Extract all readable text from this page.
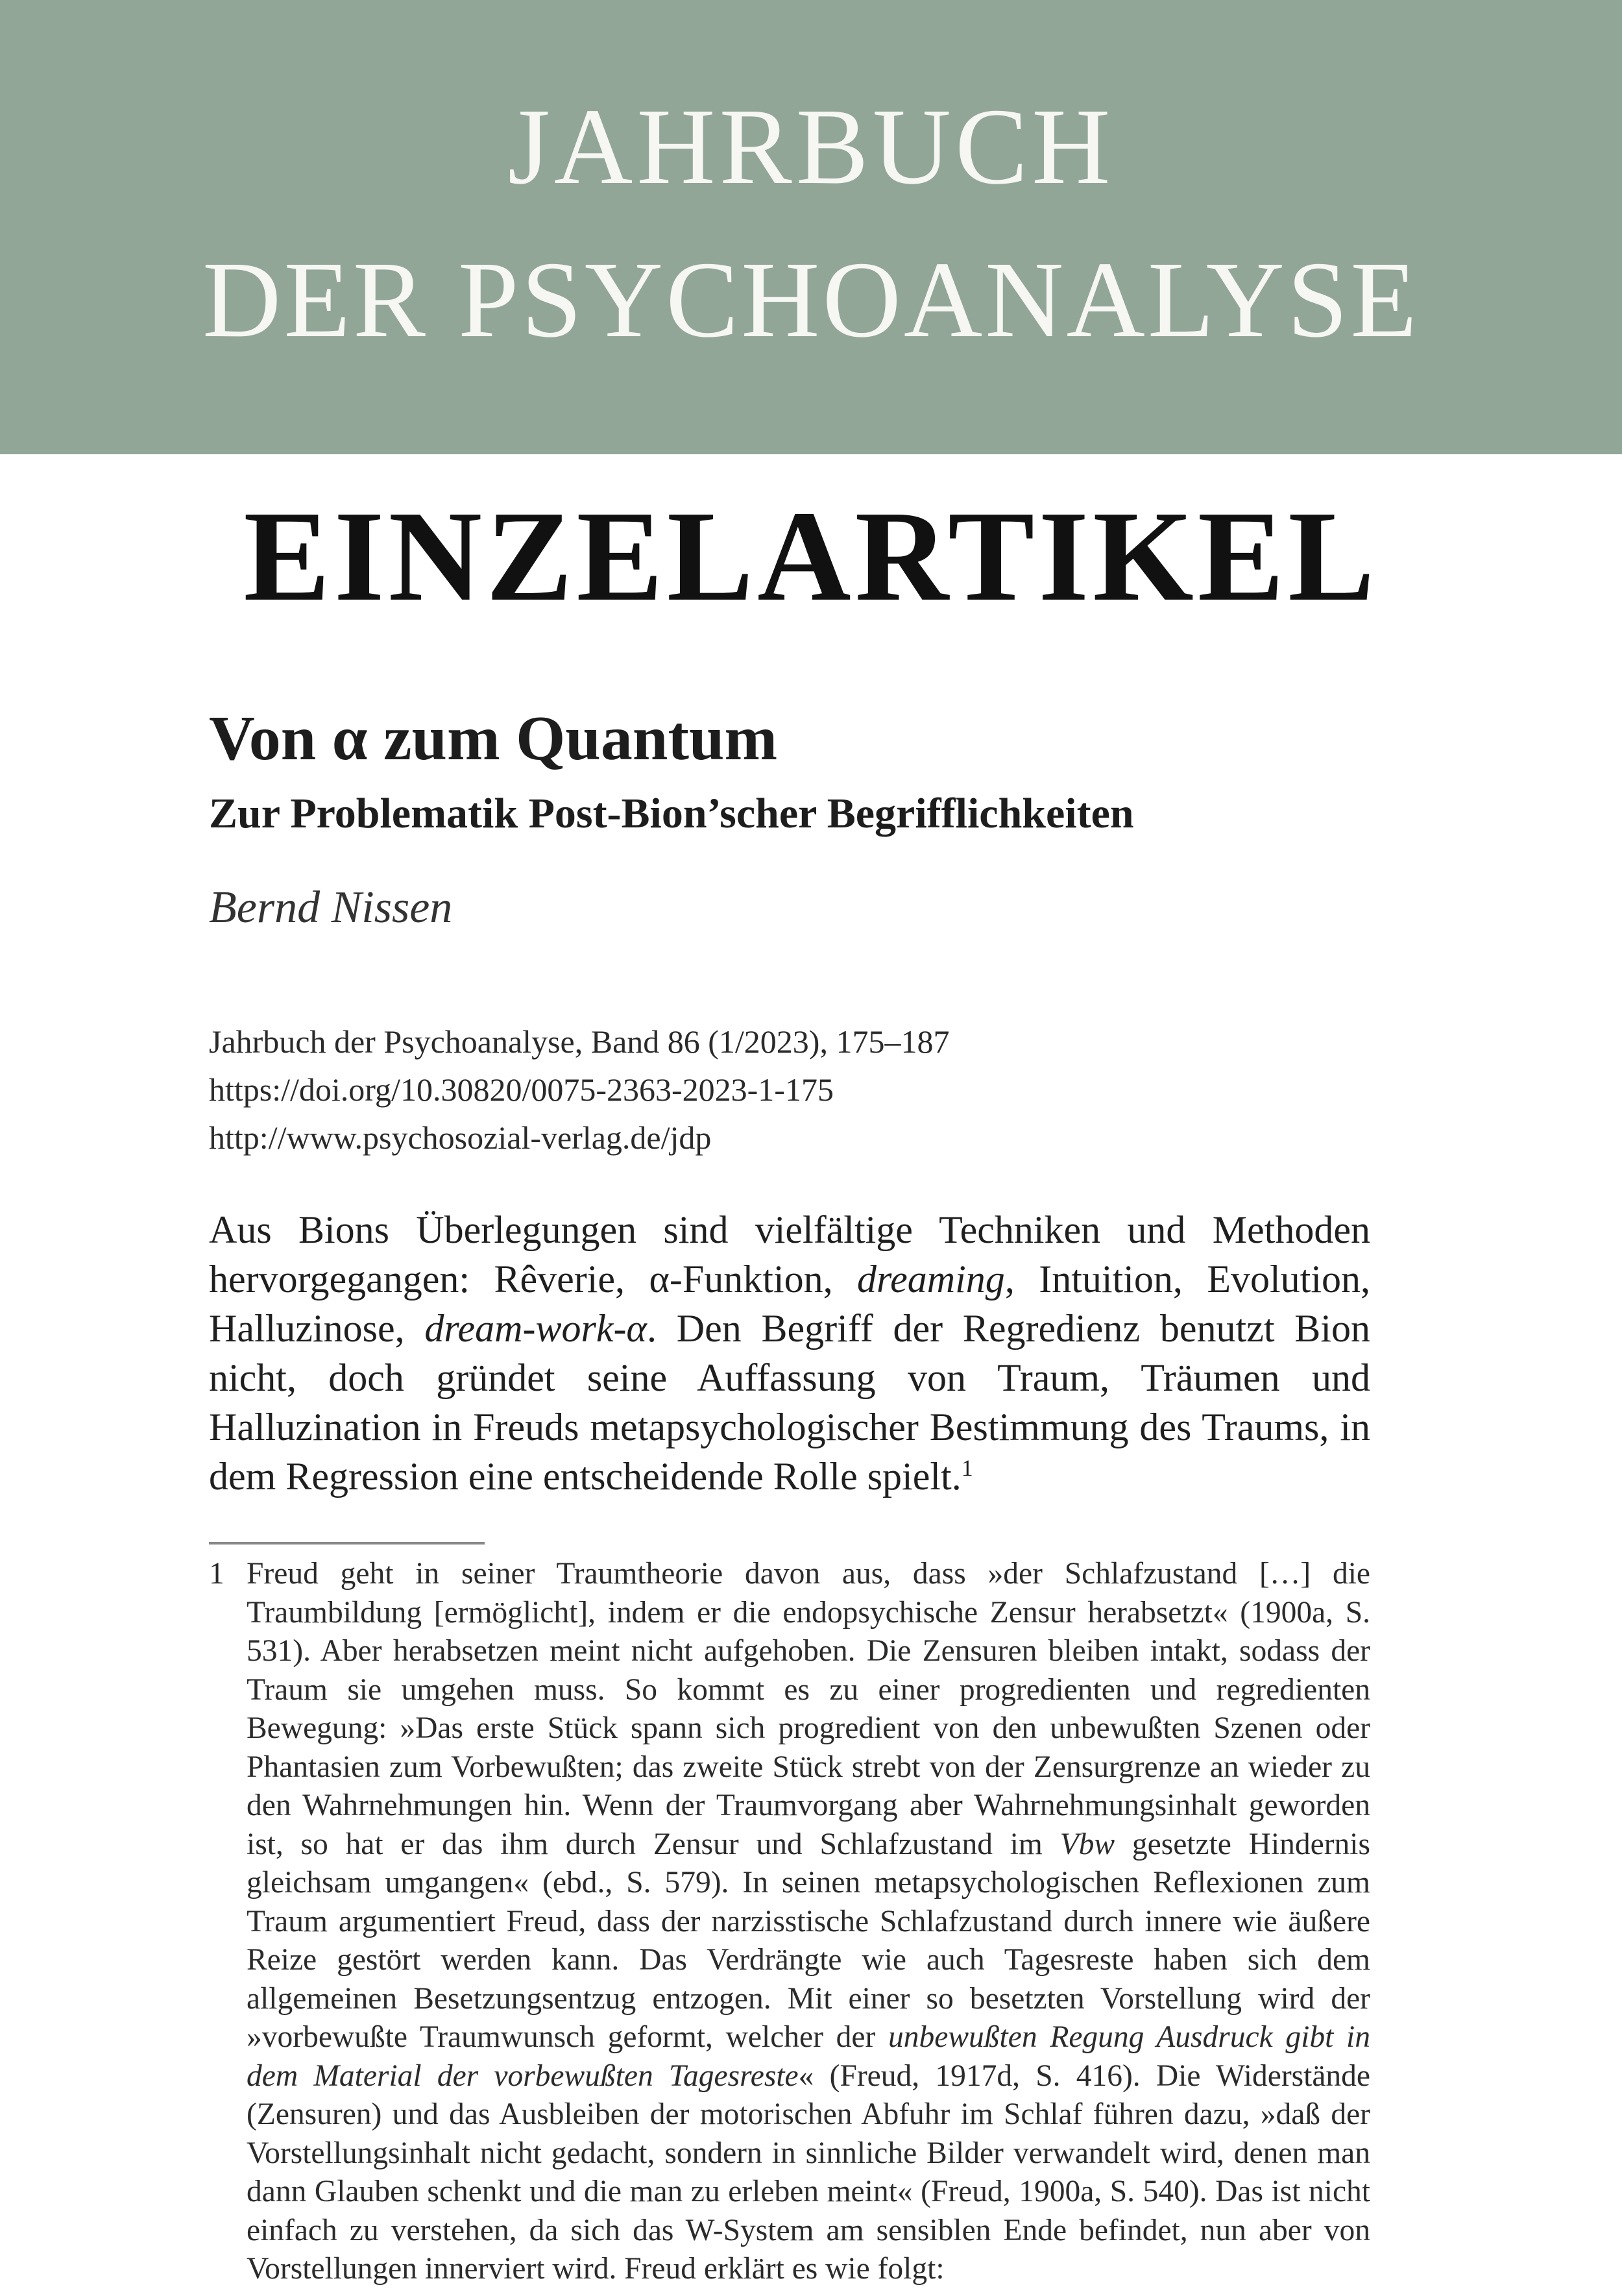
JAHRBUCH
DER PSYCHOANALYSE
EINZELARTIKEL
Von α zum Quantum
Zur Problematik Post-Bion’scher Begrifflichkeiten
Bernd Nissen
Jahrbuch der Psychoanalyse, Band 86 (1/2023), 175–187
https://doi.org/10.30820/0075-2363-2023-1-175
http://www.psychosozial-verlag.de/jdp
Aus Bions Überlegungen sind vielfältige Techniken und Methoden hervorgegangen: Rêverie, α-Funktion, dreaming, Intuition, Evolution, Halluzinose, dream-work-α. Den Begriff der Regredienz benutzt Bion nicht, doch gründet seine Auffassung von Traum, Träumen und Halluzination in Freuds metapsychologischer Bestimmung des Traums, in dem Regression eine entscheidende Rolle spielt.$^1$
1 Freud geht in seiner Traumtheorie davon aus, dass »der Schlafzustand […] die Traumbildung [ermöglicht], indem er die endopsychische Zensur herabsetzt« (1900a, S. 531). Aber herabsetzen meint nicht aufgehoben. Die Zensuren bleiben intakt, sodass der Traum sie umgehen muss. So kommt es zu einer progredienten und regredienten Bewegung: »Das erste Stück spann sich progredient von den unbewußten Szenen oder Phantasien zum Vorbewußten; das zweite Stück strebt von der Zensurgrenze an wieder zu den Wahrnehmungen hin. Wenn der Traumvorgang aber Wahrnehmungsinhalt geworden ist, so hat er das ihm durch Zensur und Schlafzustand im Vbw gesetzte Hindernis gleichsam umgangen« (ebd., S. 579). In seinen metapsychologischen Reflexionen zum Traum argumentiert Freud, dass der narzisstische Schlafzustand durch innere wie äußere Reize gestört werden kann. Das Verdrängte wie auch Tagesreste haben sich dem allgemeinen Besetzungsentzug entzogen. Mit einer so besetzten Vorstellung wird der »vorbewußte Traumwunsch geformt, welcher der unbewußten Regung Ausdruck gibt in dem Material der vorbewußten Tagesreste« (Freud, 1917d, S. 416). Die Widerstände (Zensuren) und das Ausbleiben der motorischen Abfuhr im Schlaf führen dazu, »daß der Vorstellungsinhalt nicht gedacht, sondern in sinnliche Bilder verwandelt wird, denen man dann Glauben schenkt und die man zu erleben meint« (Freud, 1900a, S. 540). Das ist nicht einfach zu verstehen, da sich das W-System am sensiblen Ende befindet, nun aber von Vorstellungen innerviert wird. Freud erklärt es wie folgt:
